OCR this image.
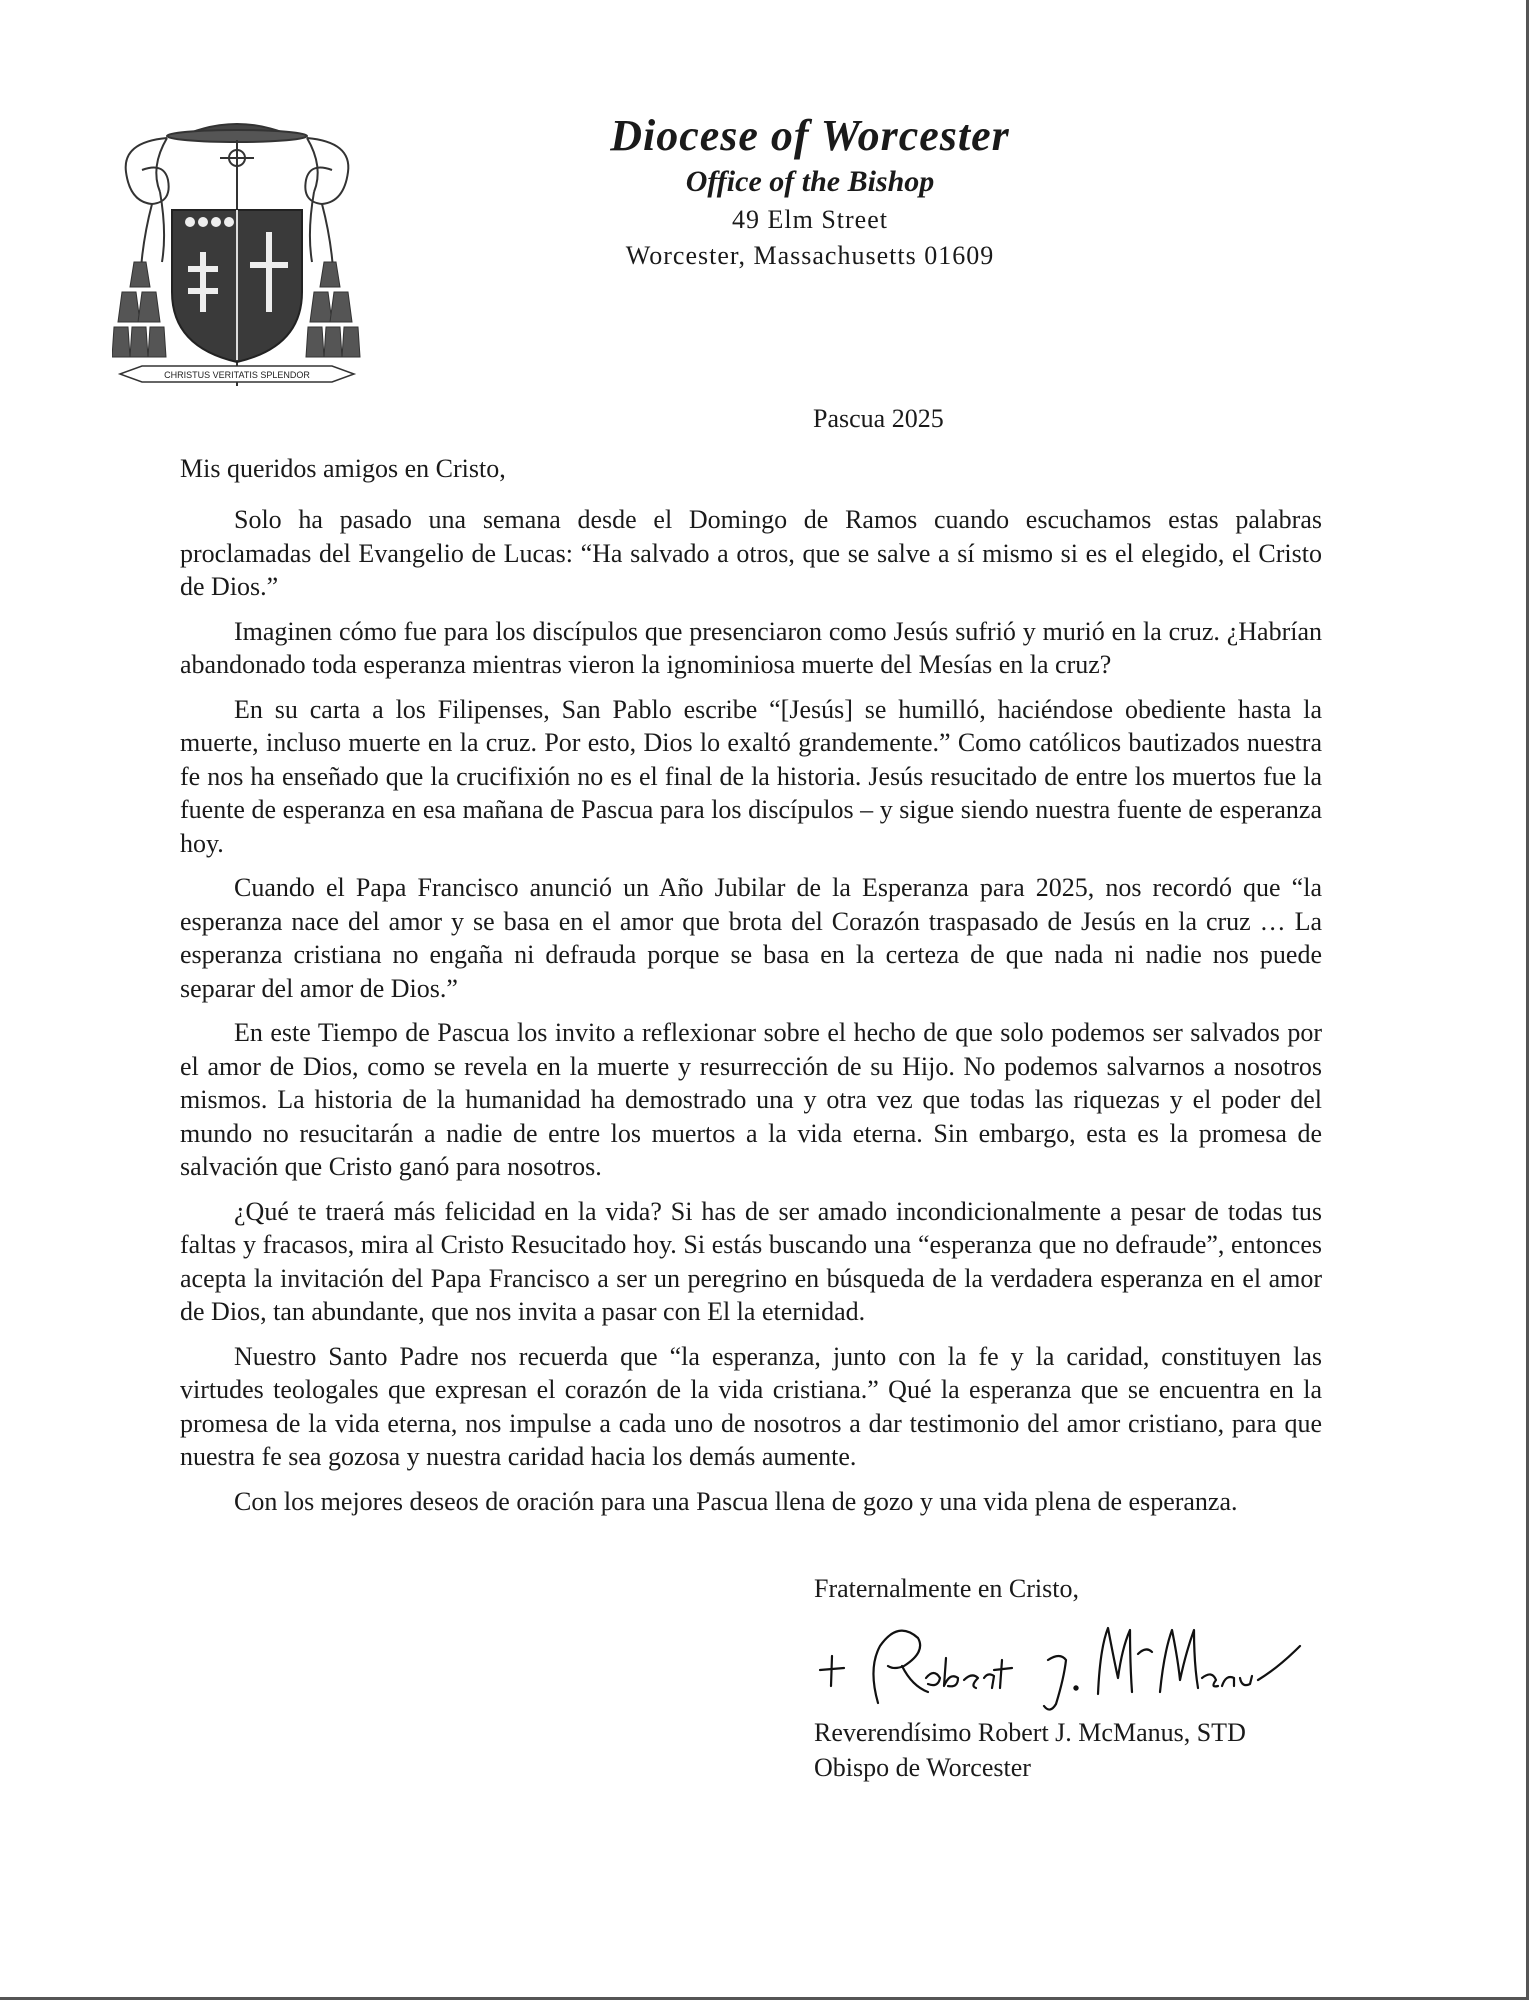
CHRISTUS VERITATIS SPLENDOR
Diocese of Worcester
Office of the Bishop
49 Elm Street
Worcester, Massachusetts 01609
Pascua 2025
Mis queridos amigos en Cristo,

Solo ha pasado una semana desde el Domingo de Ramos cuando escuchamos estas palabras proclamadas del Evangelio de Lucas: “Ha salvado a otros, que se salve a sí mismo si es el elegido, el Cristo de Dios.”

Imaginen cómo fue para los discípulos que presenciaron como Jesús sufrió y murió en la cruz. ¿Habrían abandonado toda esperanza mientras vieron la ignominiosa muerte del Mesías en la cruz?

En su carta a los Filipenses, San Pablo escribe “[Jesús] se humilló, haciéndose obediente hasta la muerte, incluso muerte en la cruz. Por esto, Dios lo exaltó grandemente.” Como católicos bautizados nuestra fe nos ha enseñado que la crucifixión no es el final de la historia. Jesús resucitado de entre los muertos fue la fuente de esperanza en esa mañana de Pascua para los discípulos – y sigue siendo nuestra fuente de esperanza hoy.

Cuando el Papa Francisco anunció un Año Jubilar de la Esperanza para 2025, nos recordó que “la esperanza nace del amor y se basa en el amor que brota del Corazón traspasado de Jesús en la cruz … La esperanza cristiana no engaña ni defrauda porque se basa en la certeza de que nada ni nadie nos puede separar del amor de Dios.”

En este Tiempo de Pascua los invito a reflexionar sobre el hecho de que solo podemos ser salvados por el amor de Dios, como se revela en la muerte y resurrección de su Hijo. No podemos salvarnos a nosotros mismos. La historia de la humanidad ha demostrado una y otra vez que todas las riquezas y el poder del mundo no resucitarán a nadie de entre los muertos a la vida eterna. Sin embargo, esta es la promesa de salvación que Cristo ganó para nosotros.

¿Qué te traerá más felicidad en la vida? Si has de ser amado incondicionalmente a pesar de todas tus faltas y fracasos, mira al Cristo Resucitado hoy. Si estás buscando una “esperanza que no defraude”, entonces acepta la invitación del Papa Francisco a ser un peregrino en búsqueda de la verdadera esperanza en el amor de Dios, tan abundante, que nos invita a pasar con El la eternidad.

Nuestro Santo Padre nos recuerda que “la esperanza, junto con la fe y la caridad, constituyen las virtudes teologales que expresan el corazón de la vida cristiana.” Qué la esperanza que se encuentra en la promesa de la vida eterna, nos impulse a cada uno de nosotros a dar testimonio del amor cristiano, para que nuestra fe sea gozosa y nuestra caridad hacia los demás aumente.

Con los mejores deseos de oración para una Pascua llena de gozo y una vida plena de esperanza.

Fraternalmente en Cristo,
Reverendísimo Robert J. McManus, STD
Obispo de Worcester
